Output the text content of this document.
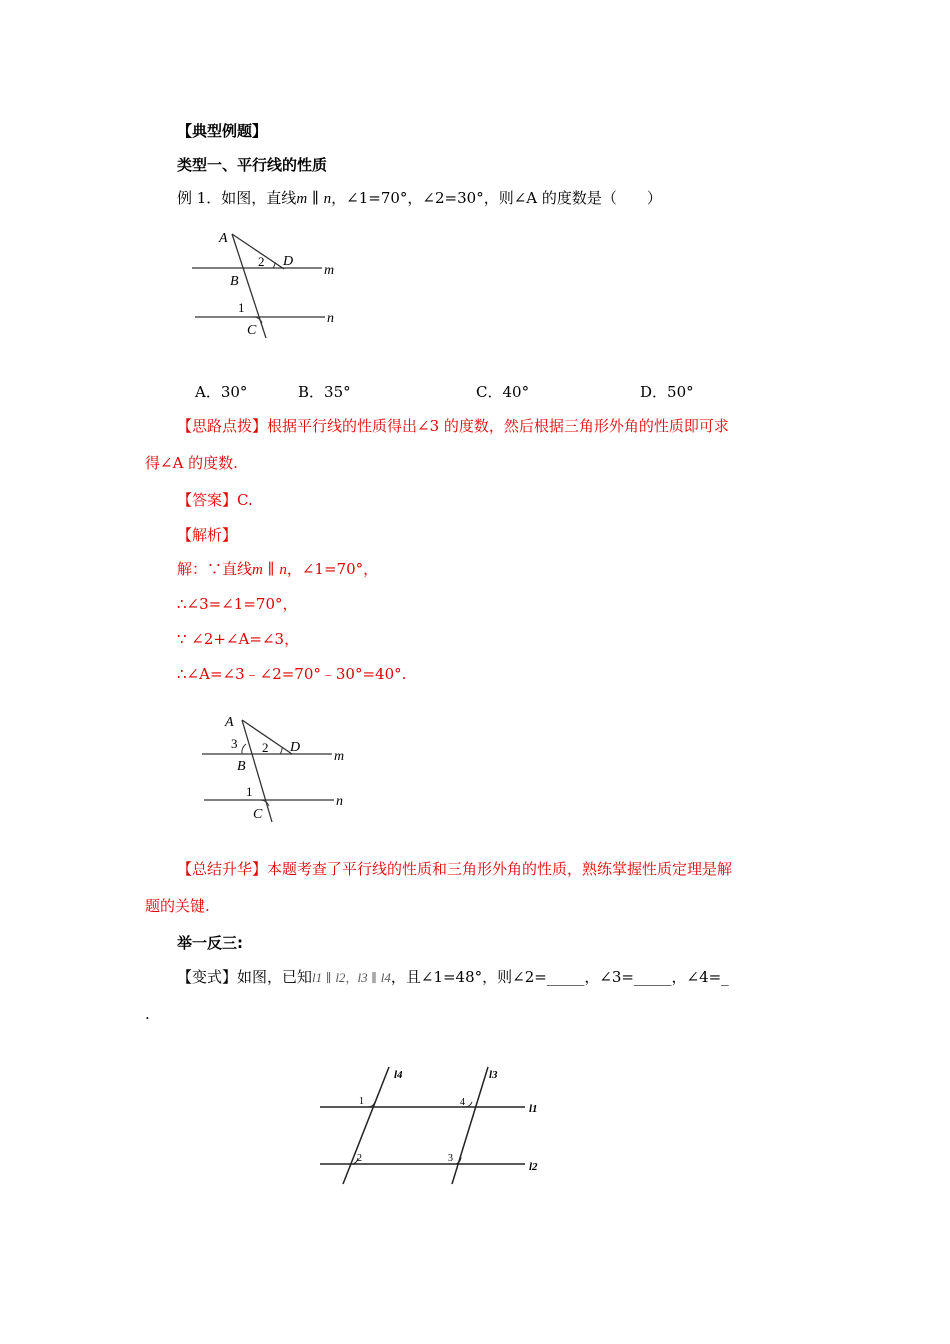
【典型例题】
类型一、平行线的性质
例 1．如图，直线m ∥ n，∠1=70°，∠2=30°，则∠A 的度数是（　　）
A
B
C
D
m
n
1
2
A．30°	B．35°	C．40°	D．50°
【思路点拨】根据平行线的性质得出∠3 的度数，然后根据三角形外角的性质即可求
得∠A 的度数.
【答案】C.
【解析】
解：∵直线m ∥ n，∠1=70°，
∴∠3=∠1=70°，
∵ ∠2+∠A=∠3，
∴∠A=∠3﹣∠2=70°﹣30°=40°.
A
B
C
D
m
n
1
2
3
【总结升华】本题考查了平行线的性质和三角形外角的性质，熟练掌握性质定理是解
题的关键.
举一反三:
【变式】如图，已知l1 ∥ l2，l3 ∥ l4，且∠1=48°，则∠2=_____，∠3=_____，∠4=_
.
l4	l3
l1
l2
1
2	3
4
